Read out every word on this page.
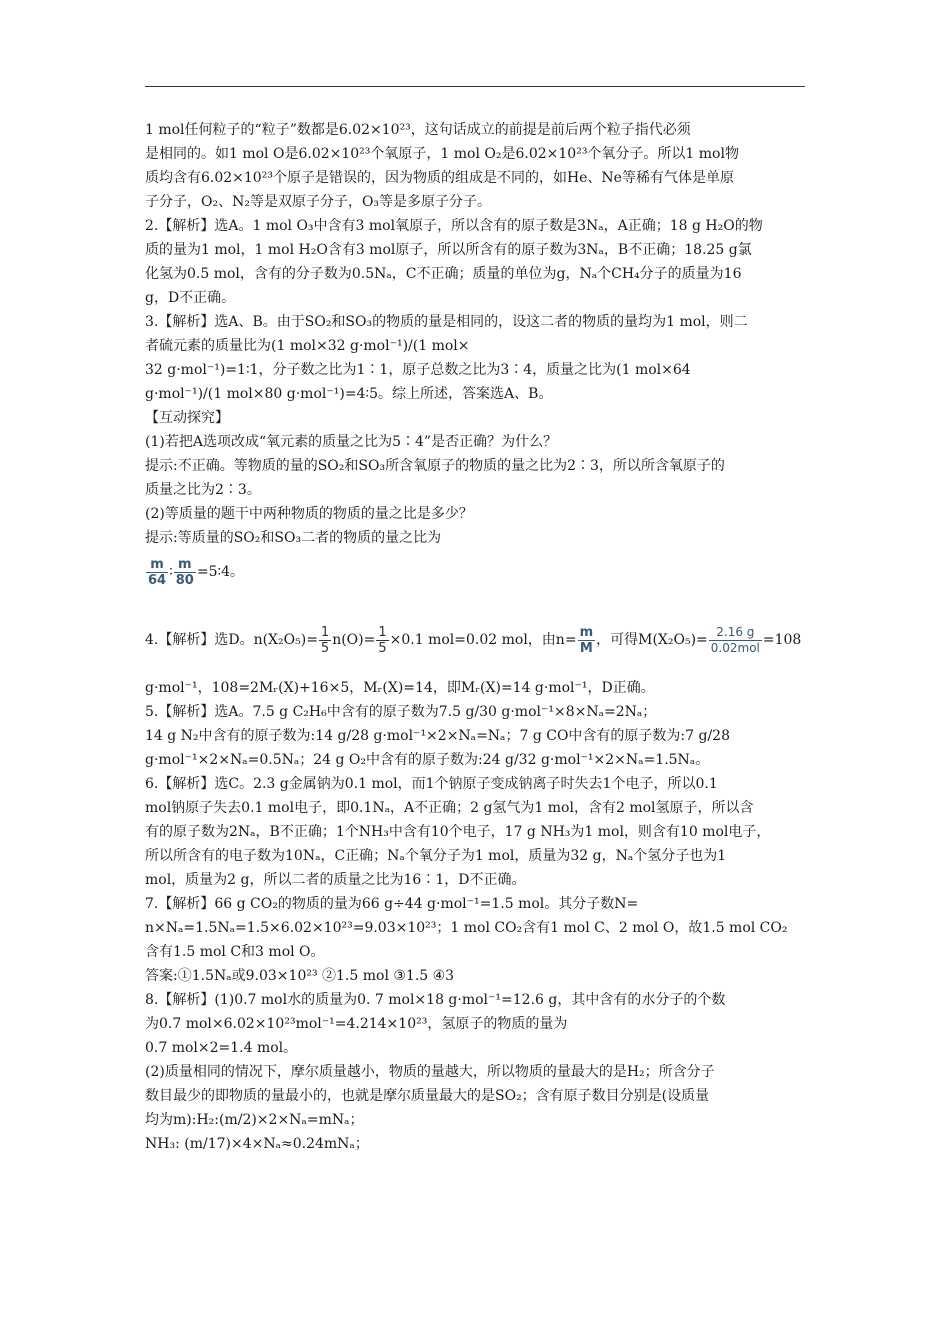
1 mol任何粒子的“粒子”数都是6.02×10²³，这句话成立的前提是前后两个粒子指代必须
是相同的。如1 mol O是6.02×10²³个氧原子，1 mol O₂是6.02×10²³个氧分子。所以1 mol物
质均含有6.02×10²³个原子是错误的，因为物质的组成是不同的，如He、Ne等稀有气体是单原
子分子，O₂、N₂等是双原子分子，O₃等是多原子分子。
2.【解析】选A。1 mol O₃中含有3 mol氧原子，所以含有的原子数是3Nₐ，A正确；18 g H₂O的物
质的量为1 mol，1 mol H₂O含有3 mol原子，所以所含有的原子数为3Nₐ，B不正确；18.25 g氯
化氢为0.5 mol，含有的分子数为0.5Nₐ，C不正确；质量的单位为g，Nₐ个CH₄分子的质量为16
g，D不正确。
3.【解析】选A、B。由于SO₂和SO₃的物质的量是相同的，设这二者的物质的量均为1 mol，则二
者硫元素的质量比为(1 mol×32 g·mol⁻¹)/(1 mol×
32 g·mol⁻¹)=1∶1，分子数之比为1∶1，原子总数之比为3∶4，质量之比为(1 mol×64
g·mol⁻¹)/(1 mol×80 g·mol⁻¹)=4∶5。综上所述，答案选A、B。
【互动探究】
(1)若把A选项改成“氧元素的质量之比为5∶4”是否正确？为什么？
提示:不正确。等物质的量的SO₂和SO₃所含氧原子的物质的量之比为2∶3，所以所含氧原子的
质量之比为2∶3。
(2)等质量的题干中两种物质的物质的量之比是多少？
提示:等质量的SO₂和SO₃二者的物质的量之比为
$\frac{m}{64}$ ∶ $\frac{m}{80}$ =5∶4。
4.【解析】选D。$n(X_2O_5)= \frac{1}{5} n(O)= \frac{1}{5} \times 0.1$ mol=0.02 mol，由$n= \frac{m}{M}$ ，可得$M(X_2O_5)= \frac{2.16 g}{\text{0.02mol}} =108$
g·mol⁻¹，108=2Mᵣ(X)+16×5，Mᵣ(X)=14，即Mᵣ(X)=14 g·mol⁻¹，D正确。
5.【解析】选A。7.5 g C₂H₆中含有的原子数为7.5 g/30 g·mol⁻¹×8×Nₐ=2Nₐ；
14 g N₂中含有的原子数为:14 g/28 g·mol⁻¹×2×Nₐ=Nₐ；7 g CO中含有的原子数为:7 g/28
g·mol⁻¹×2×Nₐ=0.5Nₐ；24 g O₂中含有的原子数为:24 g/32 g·mol⁻¹×2×Nₐ=1.5Nₐ。
6.【解析】选C。2.3 g金属钠为0.1 mol，而1个钠原子变成钠离子时失去1个电子，所以0.1
mol钠原子失去0.1 mol电子，即0.1Nₐ，A不正确；2 g氢气为1 mol，含有2 mol氢原子，所以含
有的原子数为2Nₐ，B不正确；1个NH₃中含有10个电子，17 g NH₃为1 mol，则含有10 mol电子，
所以所含有的电子数为10Nₐ，C正确；Nₐ个氧分子为1 mol，质量为32 g，Nₐ个氢分子也为1
mol，质量为2 g，所以二者的质量之比为16∶1，D不正确。
7.【解析】66 g CO₂的物质的量为66 g÷44 g·mol⁻¹=1.5 mol。其分子数N=
n×Nₐ=1.5Nₐ=1.5×6.02×10²³=9.03×10²³；1 mol CO₂含有1 mol C、2 mol O，故1.5 mol CO₂
含有1.5 mol C和3 mol O。
答案:①1.5Nₐ或9.03×10²³ ②1.5 mol ③1.5 ④3
8.【解析】(1)0.7 mol水的质量为0. 7 mol×18 g·mol⁻¹=12.6 g，其中含有的水分子的个数
为0.7 mol×6.02×10²³mol⁻¹=4.214×10²³，氢原子的物质的量为
0.7 mol×2=1.4 mol。
(2)质量相同的情况下，摩尔质量越小，物质的量越大，所以物质的量最大的是H₂；所含分子
数目最少的即物质的量最小的，也就是摩尔质量最大的是SO₂；含有原子数目分别是(设质量
均为m):H₂:(m/2)×2×Nₐ=mNₐ；
NH₃: (m/17)×4×Nₐ≈0.24mNₐ；
